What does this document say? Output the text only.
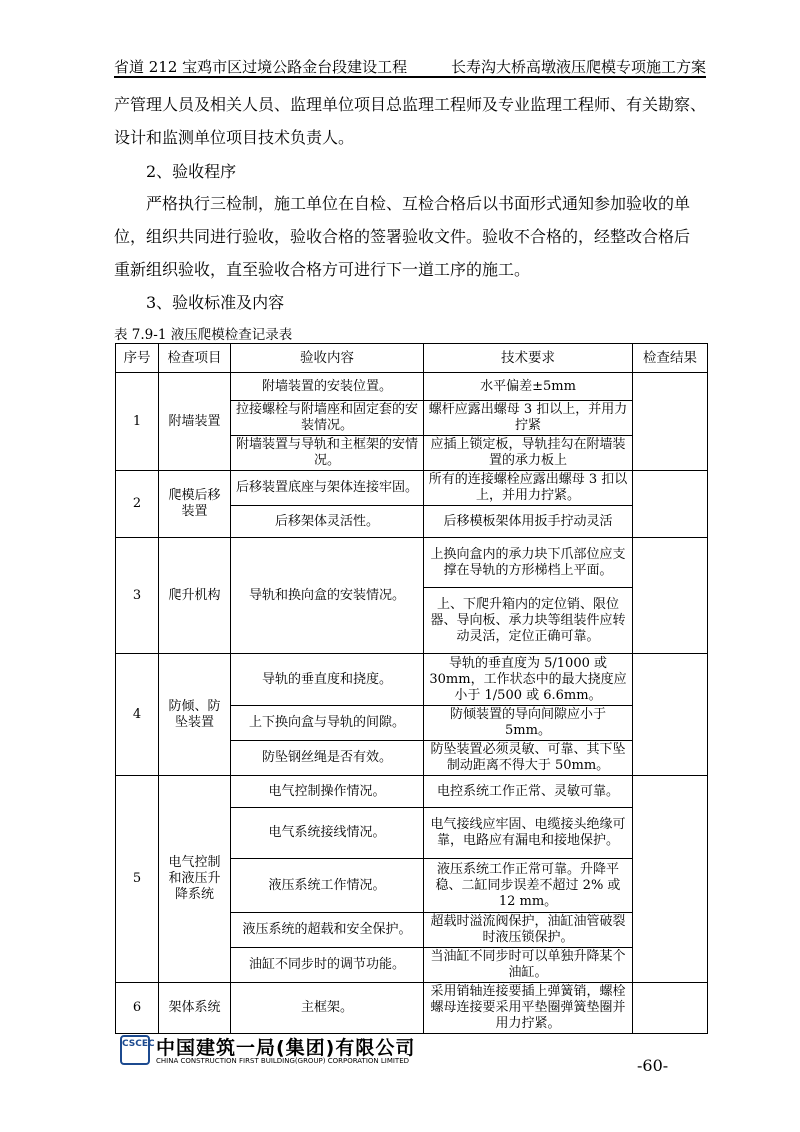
省道 212 宝鸡市区过境公路金台段建设工程	长寿沟大桥高墩液压爬模专项施工方案
产管理人员及相关人员、监理单位项目总监理工程师及专业监理工程师、有关勘察、
设计和监测单位项目技术负责人。
2、验收程序
严格执行三检制，施工单位在自检、互检合格后以书面形式通知参加验收的单
位，组织共同进行验收，验收合格的签署验收文件。验收不合格的，经整改合格后
重新组织验收，直至验收合格方可进行下一道工序的施工。
3、验收标准及内容
表 7.9-1 液压爬模检查记录表
序号	检查项目	验收内容	技术要求	检查结果
1	附墙装置	附墙装置的安装位置。	水平偏差±5mm	
		拉接螺栓与附墙座和固定套的安装情况。	螺杆应露出螺母 3 扣以上，并用力拧紧	
		附墙装置与导轨和主框架的安情况。	应插上锁定板，导轨挂勾在附墙装置的承力板上	
2	爬模后移装置	后移装置底座与架体连接牢固。	所有的连接螺栓应露出螺母 3 扣以上，并用力拧紧。	
		后移架体灵活性。	后移模板架体用扳手拧动灵活	
3	爬升机构	导轨和换向盒的安装情况。	上换向盒内的承力块下爪部位应支撑在导轨的方形梯档上平面。	
			上、下爬升箱内的定位销、限位器、导向板、承力块等组装件应转动灵活，定位正确可靠。	
4	防倾、防坠装置	导轨的垂直度和挠度。	导轨的垂直度为 5/1000 或 30mm，工作状态中的最大挠度应小于 1/500 或 6.6mm。	
		上下换向盒与导轨的间隙。	防倾装置的导向间隙应小于 5mm。	
		防坠钢丝绳是否有效。	防坠装置必须灵敏、可靠、其下坠制动距离不得大于 50mm。	
5	电气控制和液压升降系统	电气控制操作情况。	电控系统工作正常、灵敏可靠。	
		电气系统接线情况。	电气接线应牢固、电缆接头绝缘可靠，电路应有漏电和接地保护。	
		液压系统工作情况。	液压系统工作正常可靠。升降平稳、二缸同步误差不超过 2% 或 12 mm。	
		液压系统的超载和安全保护。	超载时溢流阀保护，油缸油管破裂时液压锁保护。	
		油缸不同步时的调节功能。	当油缸不同步时可以单独升降某个油缸。	
6	架体系统	主框架。	采用销轴连接要插上弹簧销，螺栓螺母连接要采用平垫圈弹簧垫圈并用力拧紧。	
CSCEC 中国建筑一局(集团)有限公司
CHINA CONSTRUCTION FIRST BUILDING(GROUP) CORPORATION LIMITED	-60-
